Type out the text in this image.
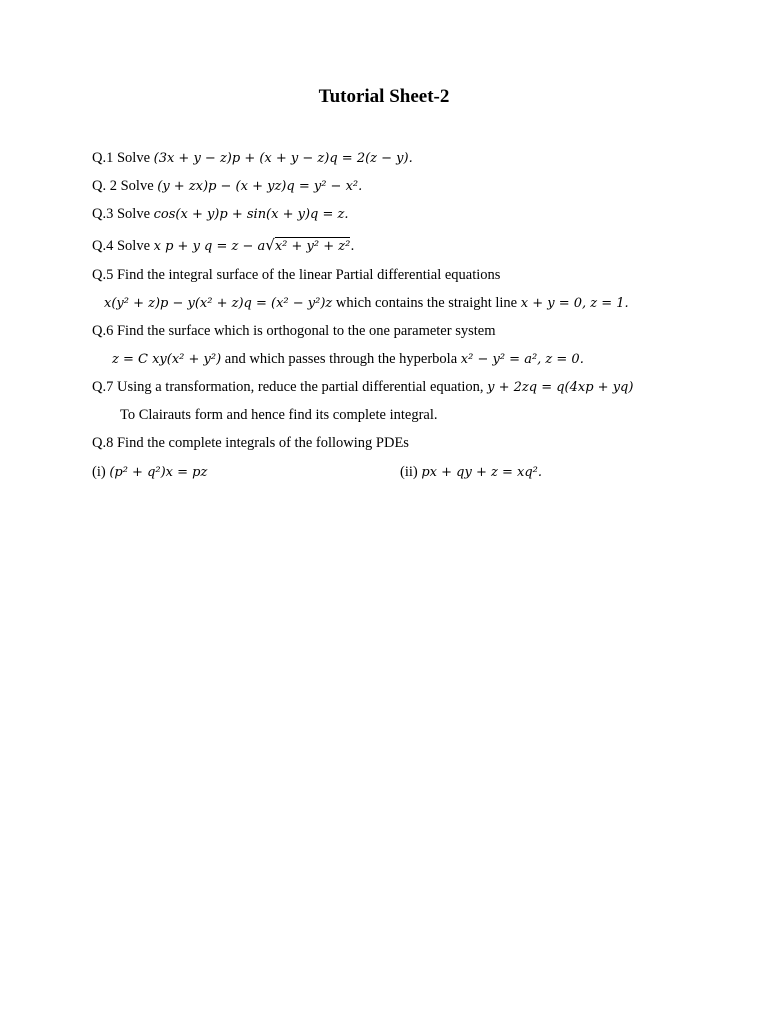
Tutorial Sheet-2
Q.1 Solve (3x + y − z)p + (x + y − z)q = 2(z − y).
Q. 2 Solve (y + zx)p − (x + yz)q = y² − x².
Q.3 Solve cos(x + y)p + sin(x + y)q = z.
Q.4 Solve x p + y q = z − a√x² + y² + z².
Q.5 Find the integral surface of the linear Partial differential equations
x(y² + z)p − y(x² + z)q = (x² − y²)z which contains the straight line x + y = 0, z = 1.
Q.6 Find the surface which is orthogonal to the one parameter system
z = C xy(x² + y²) and which passes through the hyperbola x² − y² = a², z = 0.
Q.7 Using a transformation, reduce the partial differential equation, y + 2zq = q(4xp + yq)
To Clairauts form and hence find its complete integral.
Q.8 Find the complete integrals of the following PDEs
(i) (p² + q²)x = pz	(ii) px + qy + z = xq².
